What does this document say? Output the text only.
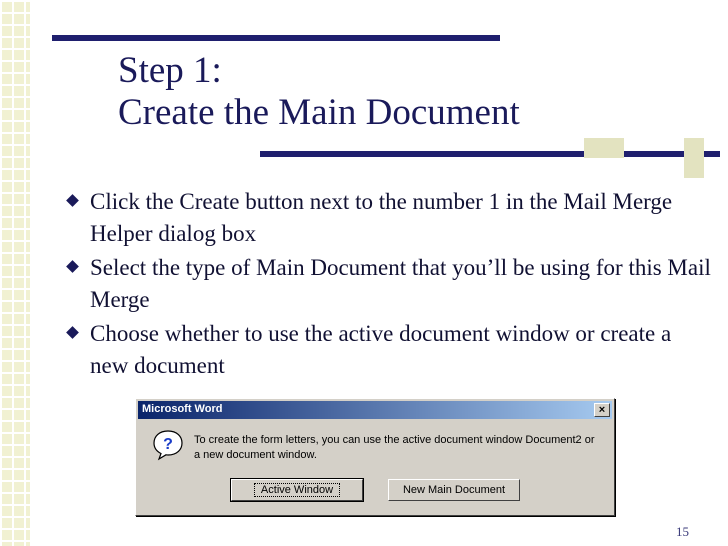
Step 1:
Create the Main Document
Click the Create button next to the number 1 in the Mail Merge Helper dialog box
Select the type of Main Document that you’ll be using for this Mail Merge
Choose whether to use the active document window or create a new document
Microsoft Word	×
? To create the form letters, you can use the active document window Document2 or a new document window.
Active Window	New Main Document
15
